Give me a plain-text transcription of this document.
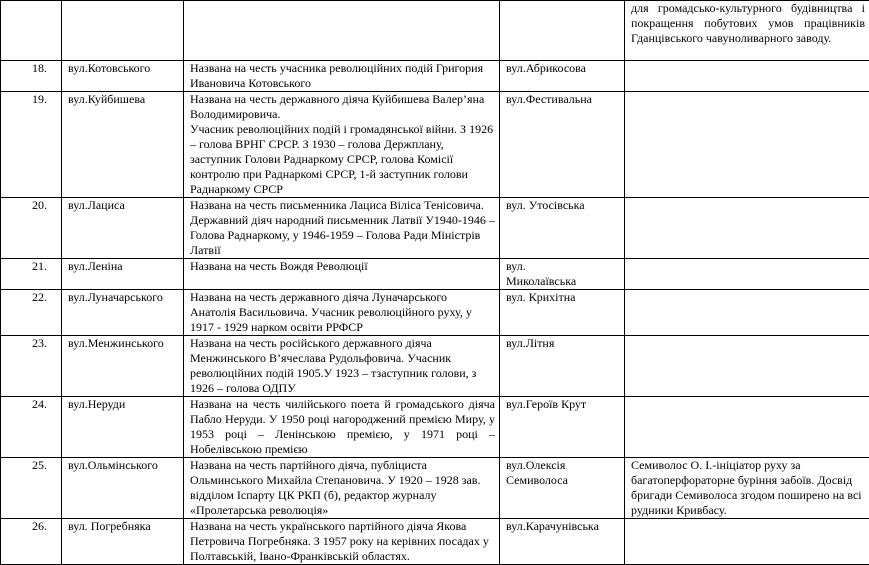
				для громадсько-культурного будівництва і покращення побутових умов працівників Гданцівського чавуноливарного заводу.
18.	вул.Котовського	Названа на честь учасника революційних подій Григория Ивановича Котовського	вул.Абрикосова	
19.	вул.Куйбишева	Названа на честь державного діяча Куйбишева Валер’яна Володимировича.
Учасник революційних подій і громадянської війни. З 1926 – голова ВРНГ СРСР. З 1930 – голова Держплану, заступник Голови Раднаркому СРСР, голова Комісії контролю при Раднаркомі СРСР, 1-й заступник голови Раднаркому СРСР	вул.Фестивальна	
20.	вул.Лациса	Названа на честь письменника Лациса Віліса Тенісовича. Державний діяч народний письменник Латвії У1940-1946 – Голова Раднаркому, у 1946-1959 – Голова Ради Міністрів Латвії	вул. Утосівська	
21.	вул.Леніна	Названа на честь Вождя Революції	вул.
Миколаївська	
22.	вул.Луначарського	Названа на честь державного діяча Луначарського Анатолія Васильовича. Учасник революційного руху, у 1917 - 1929 нарком освіти РРФСР	вул. Крихітна	
23.	вул.Менжинського	Названа на честь російського державного діяча Менжинського В’ячеслава Рудольфовича. Учасник революційних подій 1905.У 1923 – тзаступник голови, з 1926 – голова ОДПУ	вул.Літня	
24.	вул.Неруди	Названа на честь чилійського поета й громадського діяча Пабло Неруди. У 1950 році нагороджений премією Миру, у 1953 році – Ленінською премією, у 1971 році – Нобелівською премією	вул.Героїв Крут	
25.	вул.Ольмінського	Названа на честь партійного діяча, публіциста Ольминського Михайла Степановича. У 1920 – 1928 зав. відділом Іспарту ЦК РКП (б), редактор журналу «Пролетарська революція»	вул.Олексія
Семиволоса	Семиволос О. І.-ініціатор руху за багатоперфораторне буріння забоїв. Досвід бригади Семиволоса згодом поширено на всі рудники Кривбасу.
26.	вул. Погребняка	Названа на честь українського партійного діяча Якова Петровича Погребняка. З 1957 року на керівних посадах у Полтавській, Івано-Франківській областях.	вул.Карачунівська	
